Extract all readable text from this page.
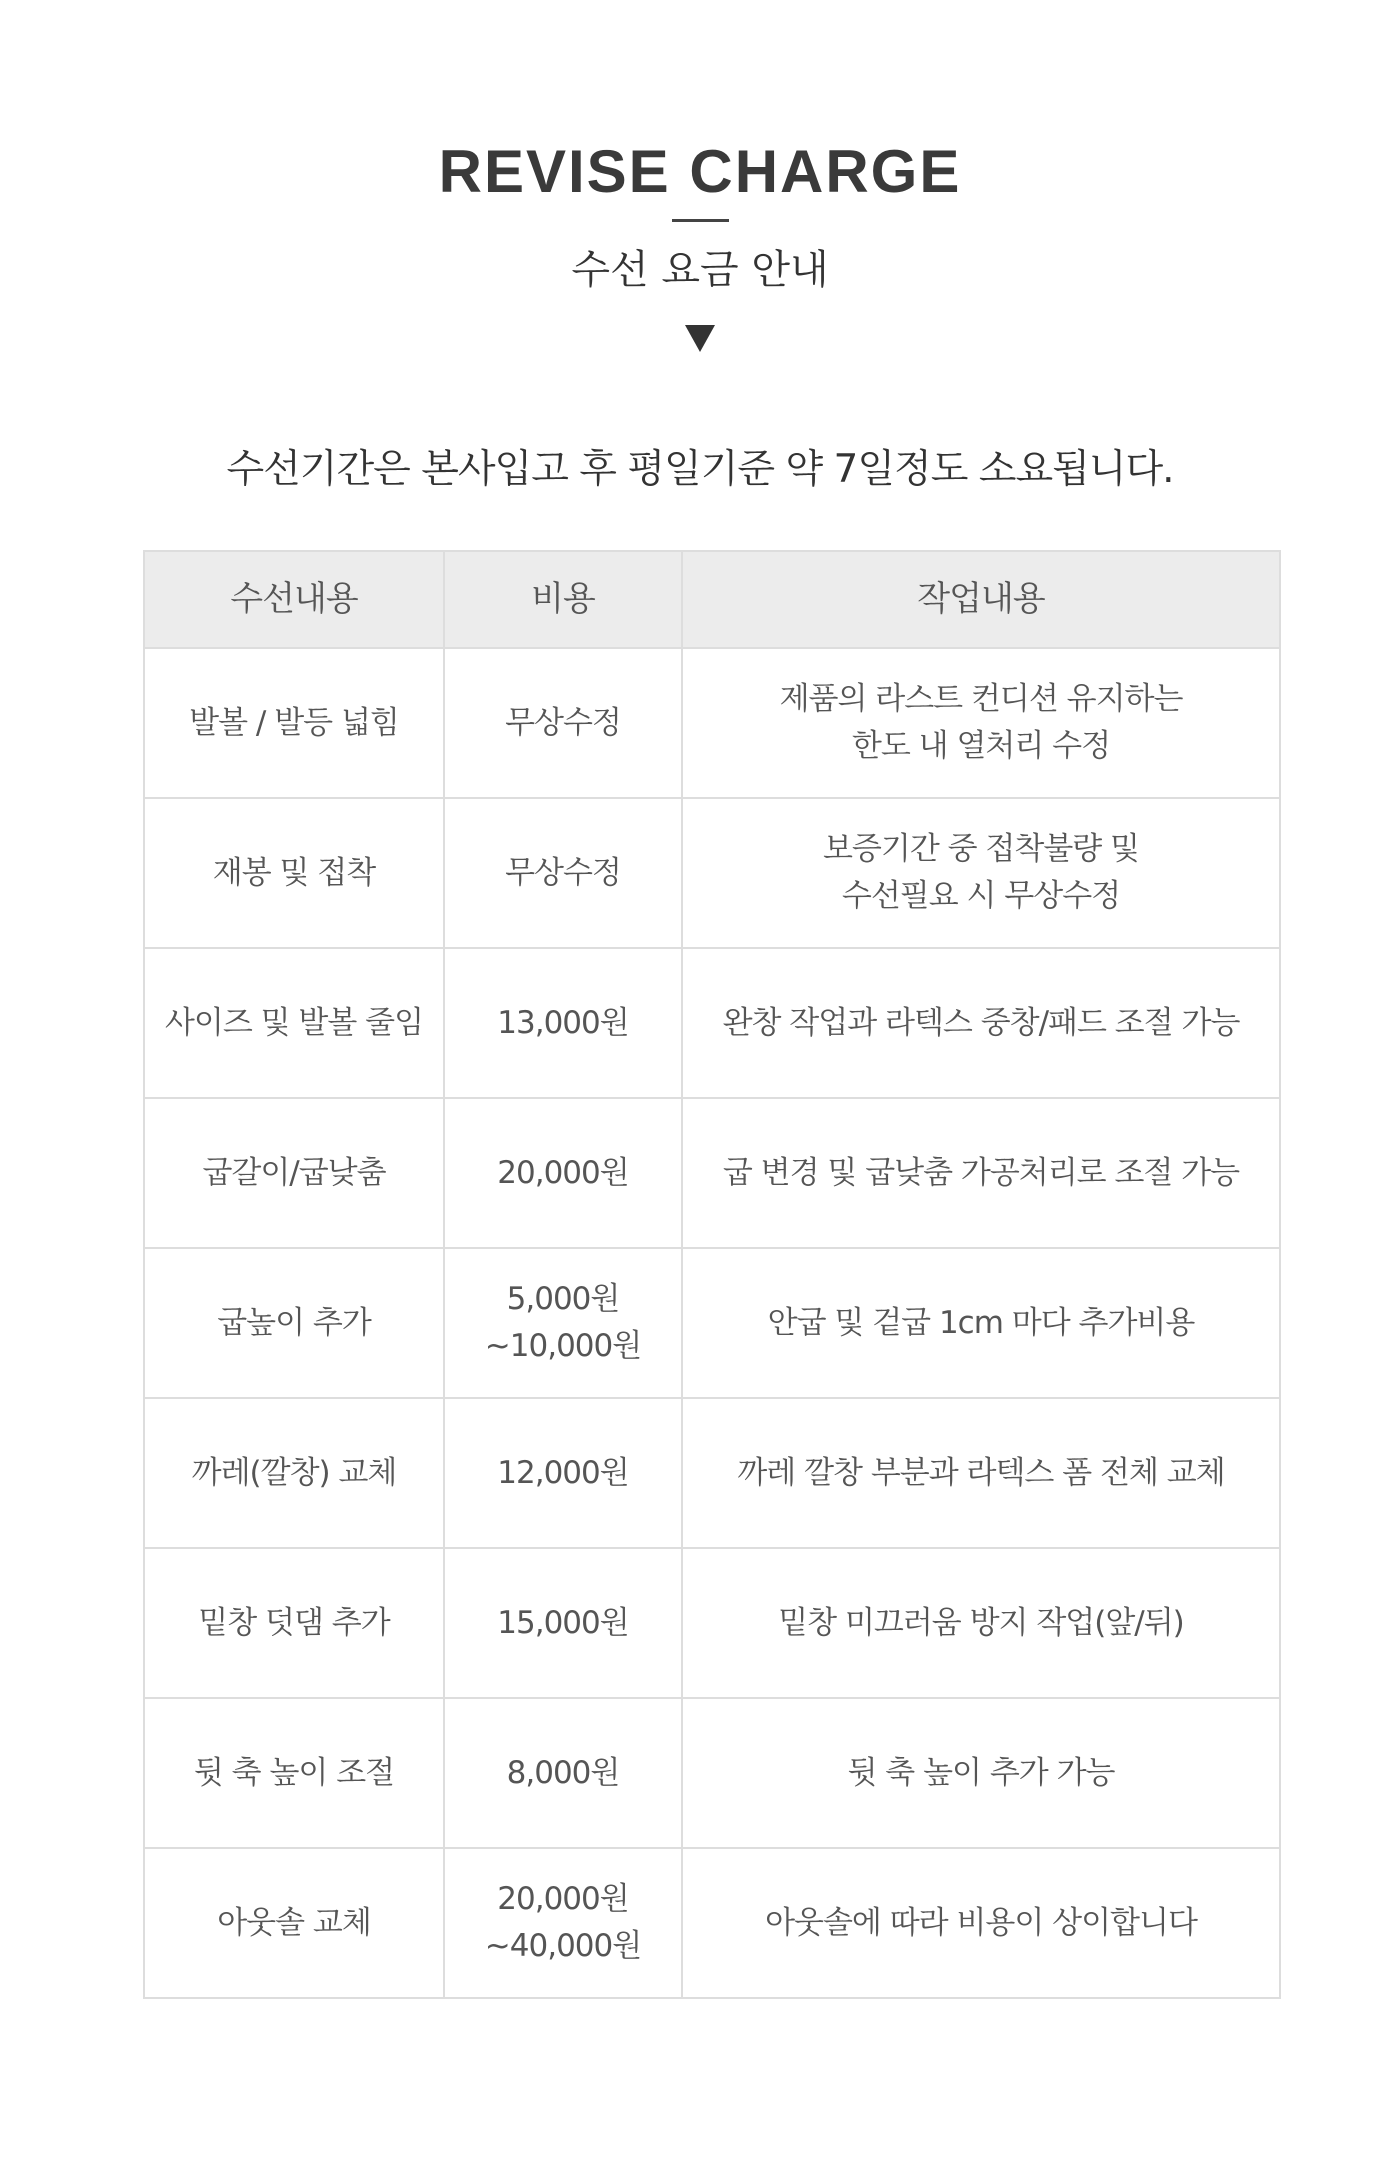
REVISE CHARGE
수선 요금 안내
수선기간은 본사입고 후 평일기준 약 7일정도 소요됩니다.
수선내용	비용	작업내용
발볼 / 발등 넓힘	무상수정	제품의 라스트 컨디션 유지하는
한도 내 열처리 수정

재봉 및 접착	무상수정	보증기간 중 접착불량 및
수선필요 시 무상수정

사이즈 및 발볼 줄임	13,000원	완창 작업과 라텍스 중창/패드 조절 가능

굽갈이/굽낮춤	20,000원	굽 변경 및 굽낮춤 가공처리로 조절 가능

굽높이 추가	5,000원
~10,000원	안굽 및 겉굽 1cm 마다 추가비용

까레(깔창) 교체	12,000원	까레 깔창 부분과 라텍스 폼 전체 교체

밑창 덧댐 추가	15,000원	밑창 미끄러움 방지 작업(앞/뒤)

뒷 축 높이 조절	8,000원	뒷 축 높이 추가 가능

아웃솔 교체	20,000원
~40,000원	아웃솔에 따라 비용이 상이합니다
